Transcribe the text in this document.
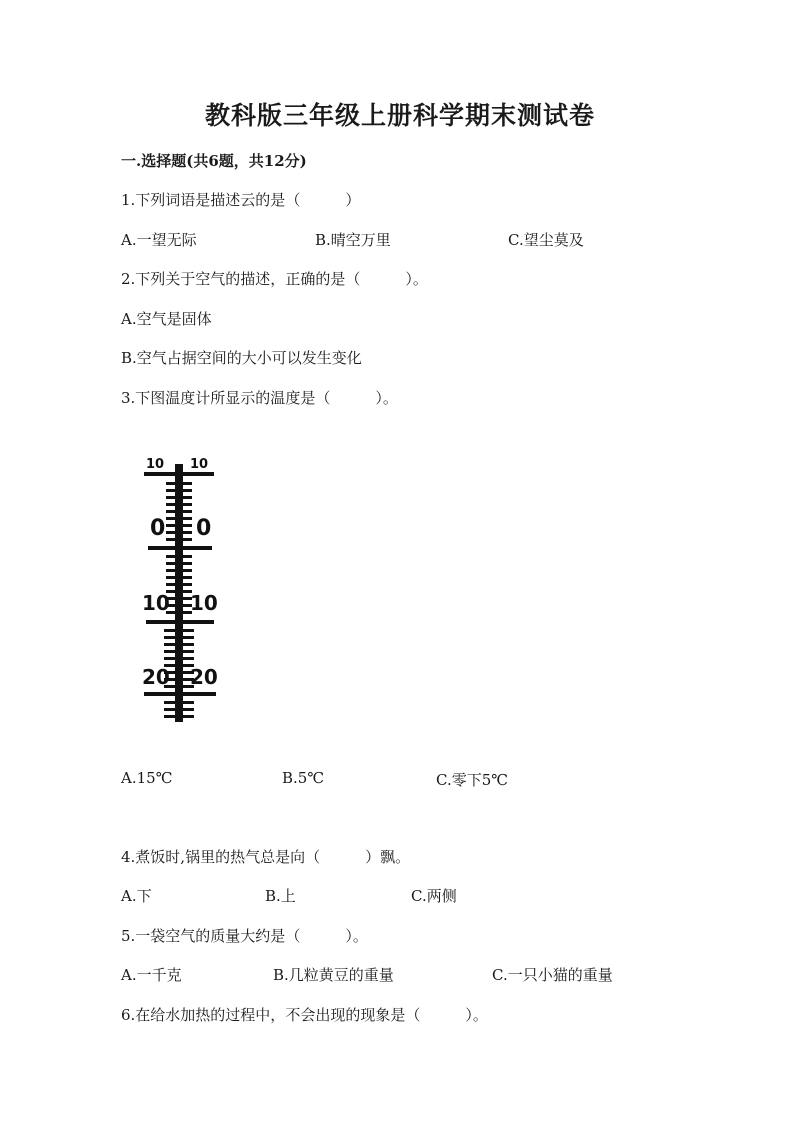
教科版三年级上册科学期末测试卷
一.选择题(共6题，共12分)
1.下列词语是描述云的是（　　　）
A.一望无际	B.晴空万里	C.望尘莫及
2.下列关于空气的描述，正确的是（　　　）。
A.空气是固体
B.空气占据空间的大小可以发生变化
3.下图温度计所显示的温度是（　　　）。
10 10
0 0
10 10
20 20
A.15℃	B.5℃	C.零下5℃
4.煮饭时,锅里的热气总是向（　　　）飘。
A.下	B.上	C.两侧
5.一袋空气的质量大约是（　　　）。
A.一千克	B.几粒黄豆的重量	C.一只小猫的重量
6.在给水加热的过程中，不会出现的现象是（　　　）。
